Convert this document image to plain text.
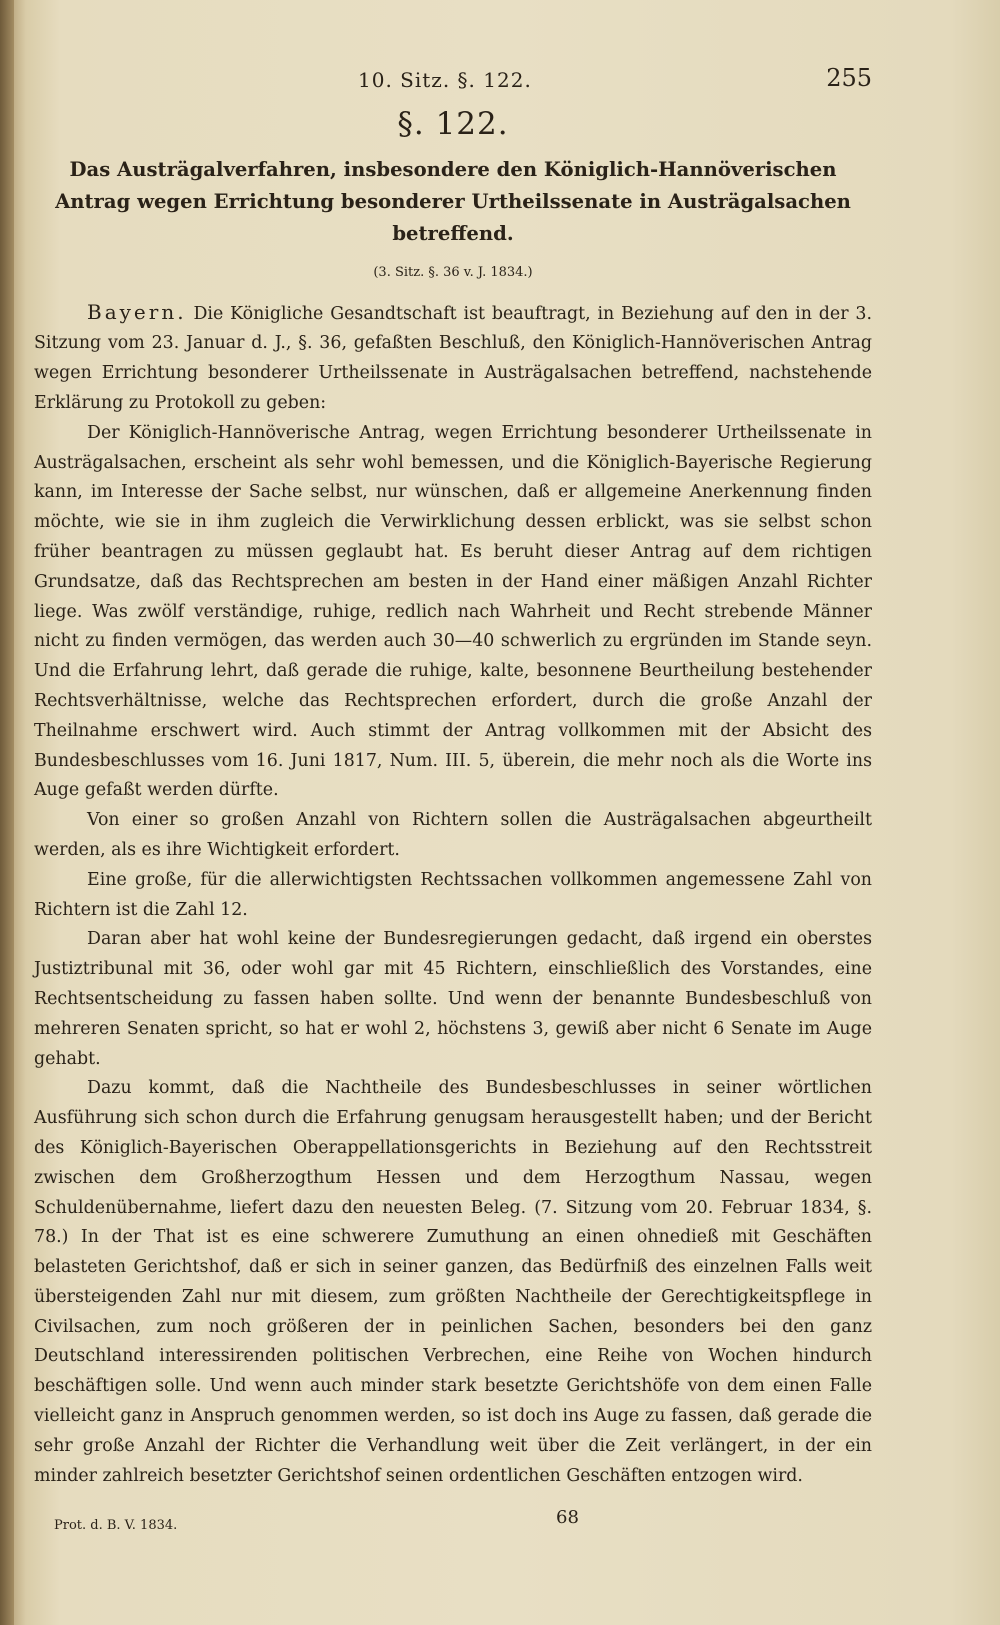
10. Sitz. §. 122.	255
§. 122.
Das Austrägalverfahren, insbesondere den Königlich-Hannöverischen Antrag wegen Errichtung besonderer Urtheilssenate in Austrägalsachen betreffend.
(3. Sitz. §. 36 v. J. 1834.)

Bayern. Die Königliche Gesandtschaft ist beauftragt, in Beziehung auf den in der 3. Sitzung vom 23. Januar d. J., §. 36, gefaßten Beschluß, den Königlich-Hannöverischen Antrag wegen Errichtung besonderer Urtheilssenate in Austrägalsachen betreffend, nachstehende Erklärung zu Protokoll zu geben:

Der Königlich-Hannöverische Antrag, wegen Errichtung besonderer Urtheilssenate in Austrägalsachen, erscheint als sehr wohl bemessen, und die Königlich-Bayerische Regierung kann, im Interesse der Sache selbst, nur wünschen, daß er allgemeine Anerkennung finden möchte, wie sie in ihm zugleich die Verwirklichung dessen erblickt, was sie selbst schon früher beantragen zu müssen geglaubt hat. Es beruht dieser Antrag auf dem richtigen Grundsatze, daß das Rechtsprechen am besten in der Hand einer mäßigen Anzahl Richter liege. Was zwölf verständige, ruhige, redlich nach Wahrheit und Recht strebende Männer nicht zu finden vermögen, das werden auch 30—40 schwerlich zu ergründen im Stande seyn. Und die Erfahrung lehrt, daß gerade die ruhige, kalte, besonnene Beurtheilung bestehender Rechtsverhältnisse, welche das Rechtsprechen erfordert, durch die große Anzahl der Theilnahme erschwert wird. Auch stimmt der Antrag vollkommen mit der Absicht des Bundesbeschlusses vom 16. Juni 1817, Num. III. 5, überein, die mehr noch als die Worte ins Auge gefaßt werden dürfte.

Von einer so großen Anzahl von Richtern sollen die Austrägalsachen abgeurtheilt werden, als es ihre Wichtigkeit erfordert.

Eine große, für die allerwichtigsten Rechtssachen vollkommen angemessene Zahl von Richtern ist die Zahl 12.

Daran aber hat wohl keine der Bundesregierungen gedacht, daß irgend ein oberstes Justiztribunal mit 36, oder wohl gar mit 45 Richtern, einschließlich des Vorstandes, eine Rechtsentscheidung zu fassen haben sollte. Und wenn der benannte Bundesbeschluß von mehreren Senaten spricht, so hat er wohl 2, höchstens 3, gewiß aber nicht 6 Senate im Auge gehabt.

Dazu kommt, daß die Nachtheile des Bundesbeschlusses in seiner wörtlichen Ausführung sich schon durch die Erfahrung genugsam herausgestellt haben; und der Bericht des Königlich-Bayerischen Oberappellationsgerichts in Beziehung auf den Rechtsstreit zwischen dem Großherzogthum Hessen und dem Herzogthum Nassau, wegen Schuldenübernahme, liefert dazu den neuesten Beleg. (7. Sitzung vom 20. Februar 1834, §. 78.) In der That ist es eine schwerere Zumuthung an einen ohnedieß mit Geschäften belasteten Gerichtshof, daß er sich in seiner ganzen, das Bedürfniß des einzelnen Falls weit übersteigenden Zahl nur mit diesem, zum größten Nachtheile der Gerechtigkeitspflege in Civilsachen, zum noch größeren der in peinlichen Sachen, besonders bei den ganz Deutschland interessirenden politischen Verbrechen, eine Reihe von Wochen hindurch beschäftigen solle. Und wenn auch minder stark besetzte Gerichtshöfe von dem einen Falle vielleicht ganz in Anspruch genommen werden, so ist doch ins Auge zu fassen, daß gerade die sehr große Anzahl der Richter die Verhandlung weit über die Zeit verlängert, in der ein minder zahlreich besetzter Gerichtshof seinen ordentlichen Geschäften entzogen wird.

Prot. d. B. V. 1834.	68
